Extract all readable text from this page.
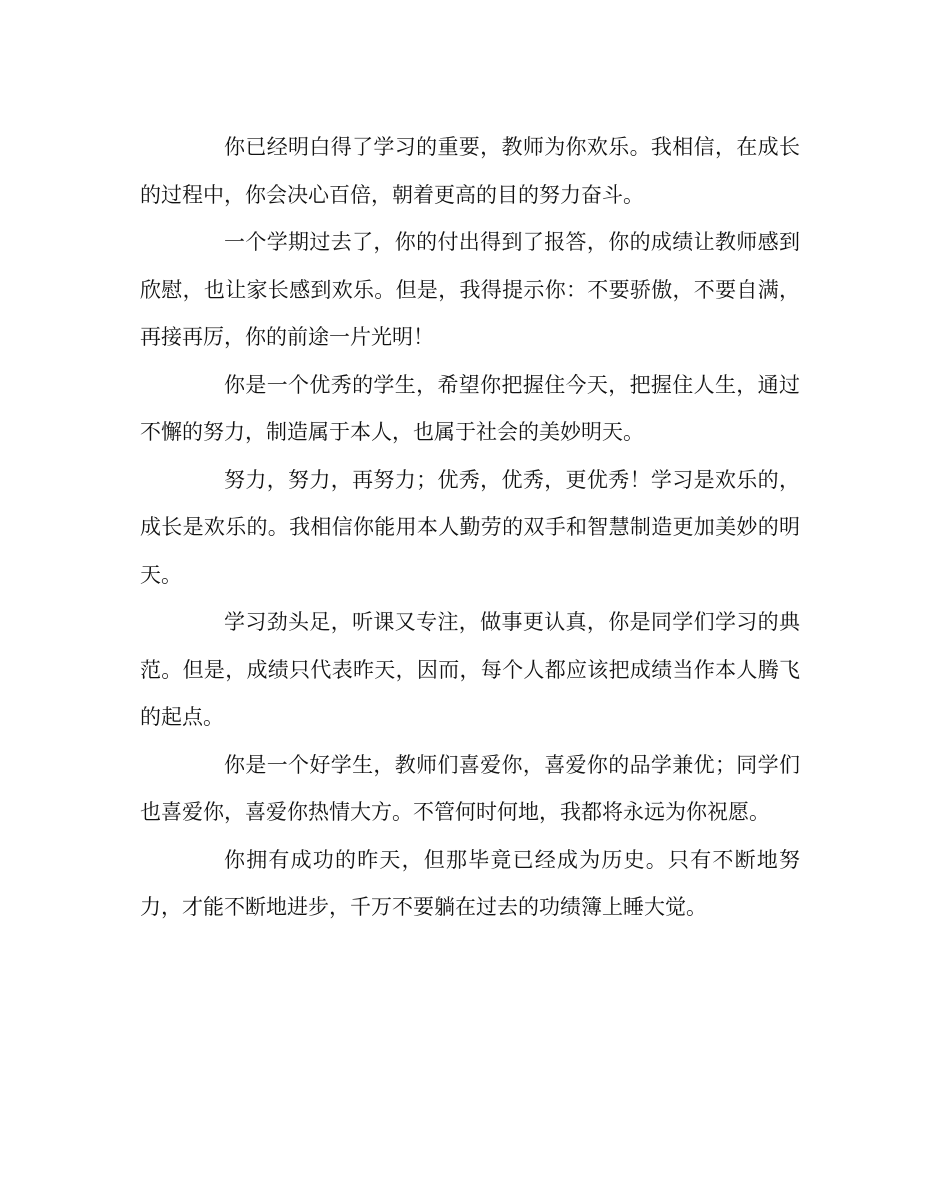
你已经明白得了学习的重要，教师为你欢乐。我相信，在成长的过程中，你会决心百倍，朝着更高的目的努力奋斗。

一个学期过去了，你的付出得到了报答，你的成绩让教师感到欣慰，也让家长感到欢乐。但是，我得提示你：不要骄傲，不要自满，再接再厉，你的前途一片光明！

你是一个优秀的学生，希望你把握住今天，把握住人生，通过不懈的努力，制造属于本人，也属于社会的美妙明天。

努力，努力，再努力；优秀，优秀，更优秀！学习是欢乐的，成长是欢乐的。我相信你能用本人勤劳的双手和智慧制造更加美妙的明天。

学习劲头足，听课又专注，做事更认真，你是同学们学习的典范。但是，成绩只代表昨天，因而，每个人都应该把成绩当作本人腾飞的起点。

你是一个好学生，教师们喜爱你，喜爱你的品学兼优；同学们也喜爱你，喜爱你热情大方。不管何时何地，我都将永远为你祝愿。

你拥有成功的昨天，但那毕竟已经成为历史。只有不断地努力，才能不断地进步，千万不要躺在过去的功绩簿上睡大觉。
